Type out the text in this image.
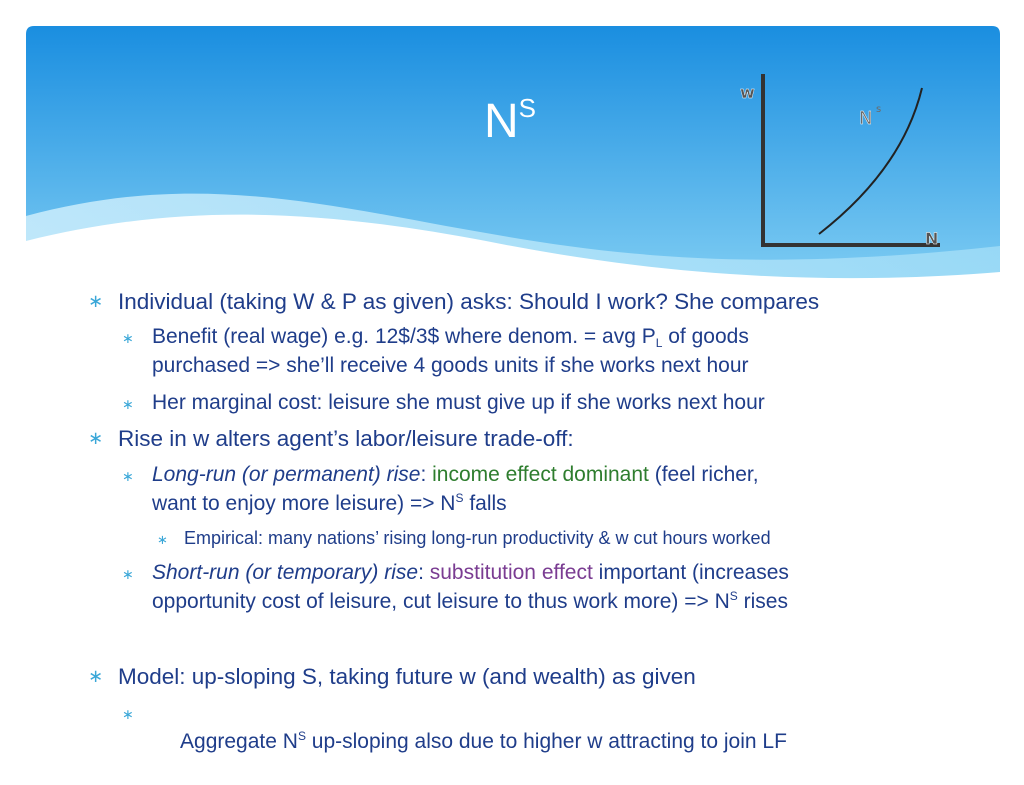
$N^S$
w
N
N s
∗ Individual (taking W & P as given) asks: Should I work? She compares

∗ Benefit (real wage) e.g. 12$/3$ where denom. = avg $P_L$ of goods
purchased => she’ll receive 4 goods units if she works next hour

∗ Her marginal cost: leisure she must give up if she works next hour

∗ Rise in w alters agent’s labor/leisure trade-off:

∗ Long-run (or permanent) rise: income effect dominant (feel richer,
want to enjoy more leisure) => $N^S$ falls

∗ Empirical: many nations’ rising long-run productivity & w cut hours worked

∗ Short-run (or temporary) rise: substitution effect important (increases
opportunity cost of leisure, cut leisure to thus work more) => $N^S$ rises

∗ Model: up-sloping S, taking future w (and wealth) as given

∗

Aggregate $N^S$ up-sloping also due to higher w attracting to join LF
